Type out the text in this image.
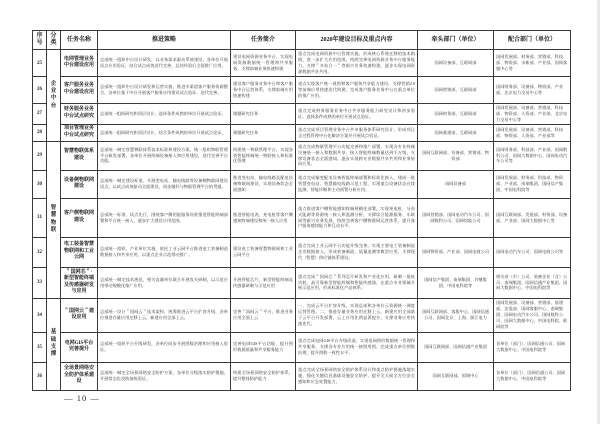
序号	分类	任务名称	推进策略	任务简介	2020年建设目标及重点内容	牵头部门（单位）	配合部门（单位）
25	企业中台	电网管理业务中台建设应用	总部统一组织中台设计研发，以业务需求驱动系统建设，各单位开展试点应用验证，结合试点成效迭代完善，总结经验后全面推广应用。	建设电网资源业务中台，实现电网资源数据统一管理和共享服务，支撑前端业务快速构建	重点完成电网资源中台管理实施，形成核心系统迁移的技术路线，进一步扩大应用范围，持续完善电网资源业务中台服务能力，支撑＂多站合一＂等新兴业务快速构建，逐步实现电网资源数据共享共用。	国网设备部、互联网部	国网发展部、财务部、营销部、科技部、物资部、水新部、产业部、国网客服中心等
26		客户服务业务中台建设应用	总部统一组织中台设计研发和运营实施，推进多渠道客户服务资源整合，各单位基于中台开展客户服务应用建设试点验证，迭代完善。	建设客户服务业务中台和客户服务中台运营体系，支撑前端应用快速构建	重点实现客户统一视图和客户服务共享能力建设，支撑营销2.0等前端应用快速迭代构建，完成客户服务业务中台在重点单位的推广应用。	国网营销部、互联网部	国网财务部、设备部、物资部、产业部、北京电力交易中心等
27		财务服务业务中台试点研究	总部统一组织研究和顶层设计，选择条件成熟的单位开展试点验证。	课题研究任务	重点完成财务服务业务中台共享服务能力研究设计和初步验证，选择条件成熟的单位开展试点验证。	国网财务部、互联网部	国网发展部、设备部、营销部、科技部、物资部、人资部、产业部、北京电力交易中心等
28		项目管理业务中台试点研究	总部统一组织研究和顶层设计，结合条件成熟的单位开展试点论证。	课题研究任务	重点完成项目管理业务中台共享服务体系研究设计，形成项目全过程管理中台化解决方案并开展试点验证。	国网基建部、互联网部	国网发展部、设备部、营销部、科技部、物资部、人资部、产业部等
29	智慧物联	智慧物联体系建设	总部统一制定智慧物联体系技术标准和建设方案，统一组织物联管理平台研发部署，各单位开展终端设备接入和应用建设，迭代完善平台功能。	构建统一物联管理平台，实现各类智能终端统一物联接入和标准化管理	重点完成物联管理平台功能完善和推广部署，实现各专业终端设备统一接入和数据共享，接入智能终端数量达到千万级，支撑设备状态全面感知，逐步实现跨专业数据共享共用和业务协同应用。	国网互联网部、设备部、营销部、物资部	国网财务部、科技部、产业部、国网数科公司、国网大数据中心、国网电动汽车公司等
30		设备侧物联网建设	总部统一制定建设标准，开展变电站、输电线路等设备侧物联网建设试点，以试点成效驱动全面建设，同步做好与物联管理平台的贯通。	推进变电站、输电线路及配电设备物联网建设，实现设备状态全面感知	重点完成输变配电设备智能终端部署和标准化接入，建成一批智慧变电站、智慧输电线路示范工程，实现重点设备状态在线监测、智能诊断和主动预警分析应用。	国网设备部	国网发展部、财务部、科技部、物资部、产业部、南瑞集团、国网信产集团、中国电科院等
31		客户侧物联网建设	总部统一标准、试点先行，围绕客户侧用能服务场景推进智能终端部署和平台统一接入，逐步扩大建设应用范围。	推进智能电表、充电桩等客户侧感知终端建设和统一接入应用	重点推进客户侧智能感知终端规模化部署，实现充电桩、分布式能源等资源统一接入和监测分析，支撑综合能源服务、车联网等新兴业务发展，持续完善客户侧物联网运营体系，提升客户服务感知能力和互动水平。	国网营销部、国网电动汽车公司、国网数科公司、国网综能公司	国网互联网部、发展部、财务部、设备部、产业部、国网大数据中心等
32		电工装备智慧物联网和工业云网	总部统一组织、产业单位实施，依托工业云网平台推进电工装备制造数据接入和共享应用，以重点企业示范带动推广。	建设电工装备智慧物联网和工业云网平台	重点完成工业云网平台功能升级完善，实现主要电工装备制造企业数据接入，形成装备制造、质量追溯等典型应用，支撑现代（智慧）供应链体系建设。	国网物资部、产业部、国网电商公司	国网电动汽车公司、国网电商公司等
33		＂国网芯＂·新型智能终端及传感器研发与应用	总部统一制定技术规范，相关直属单位联合开展攻关研制，以示范应用带动规模化推广应用。	开展智能芯片、新型智能终端及传感器研制与示范应用	重点完成＂国网芯＂系列芯片研发和产业化应用，研制一批低功耗、高可靠新型智能终端和智能传感器，在重点专业领域开展示范应用，形成标准化产品体系。	国网信产集团、南瑞集团、许继集团、中国电科院等	相关省（市）公司、装备企业（含）公司、南瑞集团、国网信通产业集团、国网大数据中心、中国电科院等
34	基础支撑	＂国网云＂建设应用	总部统一设计＂国网云＂技术架构，统筹推进云平台扩容升级，各单位推进存量应用迁移上云，新建应用全部上云。	完善＂国网云＂平台，推进业务应用全面上云	一、完成云平台扩容升级，实现总部和各单位云资源统一调度运营管理。二、推进存量业务应用迁移上云，新建应用全部基于云平台开发部署，云上应用比例显著提升，支撑业务应用快速迭代。	国网互联网部、客服中心、国网信通公司、国网北京、上海、浙江电力	国网发展部、设备部、营销部、基建部、安监部、国网客服中心、南瑞集团、国网电动汽车公司、国网数科公司、国网大数据中心、中国电科院、联研院等
35		电网GIS平台完善提升	总部统一组织平台升级研发，各单位同步开展图数治理和应用接入验证。	完善电网GIS平台功能，提升图形数据质量和共享服务能力	重点完成电网GIS平台升级改造，实现电网图形数据统一管理和共享服务，支撑各专业应用统一接图用图，完成重点单位图数治理，提升图数一致性水平。	国网互联网部、国网信通产业集团	各单位（部门）、国网信通公司、国网大数据中心、中国电科院等
36		全场景网络安全防护体系建设	总部统一制定全场景网络安全防护方案，各单位分级落实防护措施，开展常态化攻防演练验证。	构建全场景网络安全防护体系，提升整体防护能力	重点完成全场景网络安全防护体系设计和重点防护措施落地实施，强化关键信息基础设施安全防护，提升全天候全方位安全感知和应急处置能力。	国网互联网部、国调中心	各单位（部门）、国网信通公司、国网大数据中心、中国电科院等
— 10 —
